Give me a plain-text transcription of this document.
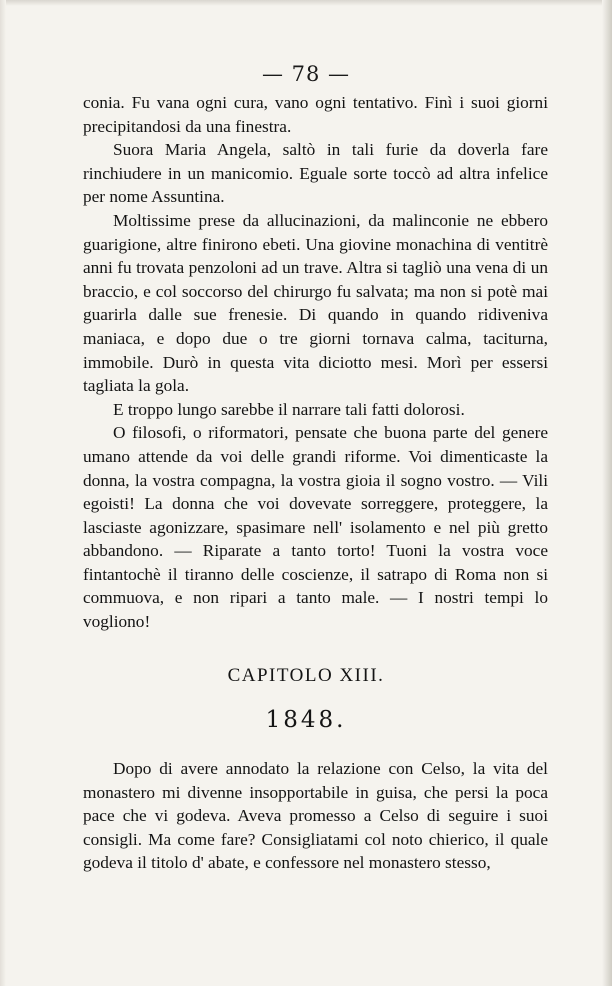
— 78 —

conia. Fu vana ogni cura, vano ogni tentativo. Finì i suoi giorni precipitandosi da una finestra.

Suora Maria Angela, saltò in tali furie da doverla fare rinchiudere in un manicomio. Eguale sorte toccò ad altra infelice per nome Assuntina.

Moltissime prese da allucinazioni, da malinconie ne ebbero guarigione, altre finirono ebeti. Una giovine monachina di ventitrè anni fu trovata penzoloni ad un trave. Altra si tagliò una vena di un braccio, e col soccorso del chirurgo fu salvata; ma non si potè mai guarirla dalle sue frenesie. Di quando in quando ridiveniva maniaca, e dopo due o tre giorni tornava calma, taciturna, immobile. Durò in questa vita diciotto mesi. Morì per essersi tagliata la gola.

E troppo lungo sarebbe il narrare tali fatti dolorosi.

O filosofi, o riformatori, pensate che buona parte del genere umano attende da voi delle grandi riforme. Voi dimenticaste la donna, la vostra compagna, la vostra gioia il sogno vostro. — Vili egoisti! La donna che voi dovevate sorreggere, proteggere, la lasciaste agonizzare, spasimare nell' isolamento e nel più gretto abbandono. — Riparate a tanto torto! Tuoni la vostra voce fintantochè il tiranno delle coscienze, il satrapo di Roma non si commuova, e non ripari a tanto male. — I nostri tempi lo vogliono!

CAPITOLO XIII.
1848.

Dopo di avere annodato la relazione con Celso, la vita del monastero mi divenne insopportabile in guisa, che persi la poca pace che vi godeva. Aveva promesso a Celso di seguire i suoi consigli. Ma come fare? Consigliatami col noto chierico, il quale godeva il titolo d' abate, e confessore nel monastero stesso,
